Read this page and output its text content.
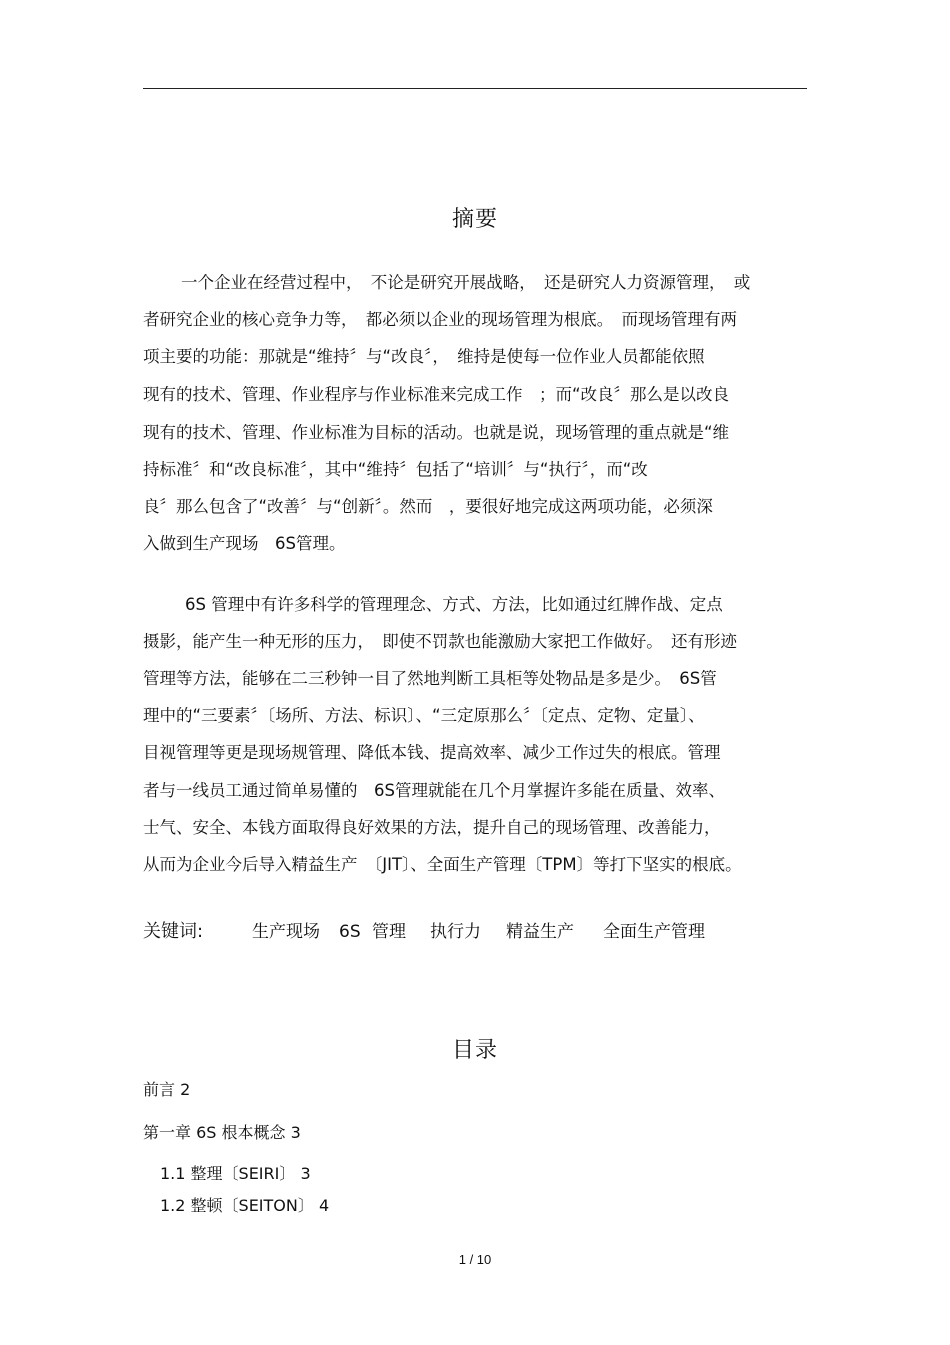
摘要
一个企业在经营过程中，　不论是研究开展战略，　还是研究人力资源管理，　或
者研究企业的核心竞争力等，　都必须以企业的现场管理为根底。　而现场管理有两
项主要的功能：那就是“维持〞与“改良〞，　维持是使每一位作业人员都能依照
现有的技术、管理、作业程序与作业标准来完成工作　；而“改良〞那么是以改良
现有的技术、管理、作业标准为目标的活动。也就是说，现场管理的重点就是“维
持标准〞和“改良标准〞，其中“维持〞包括了“培训〞与“执行〞，而“改
良〞那么包含了“改善〞与“创新〞。然而　，要很好地完成这两项功能，必须深
入做到生产现场　6S管理。
6S 管理中有许多科学的管理理念、方式、方法，比如通过红牌作战、定点
摄影，能产生一种无形的压力，　即使不罚款也能激励大家把工作做好。　还有形迹
管理等方法，能够在二三秒钟一目了然地判断工具柜等处物品是多是少。　6S管
理中的“三要素〞〔场所、方法、标识〕、“三定原那么〞〔定点、定物、定量〕、
目视管理等更是现场规管理、降低本钱、提高效率、减少工作过失的根底。管理
者与一线员工通过简单易懂的　6S管理就能在几个月掌握许多能在质量、效率、
士气、安全、本钱方面取得良好效果的方法，提升自己的现场管理、改善能力，
从而为企业今后导入精益生产　〔JIT〕、全面生产管理〔TPM〕等打下坚实的根底。
关键词:	生产现场 6S 管理 执行力 精益生产 全面生产管理
目录
前言 2
第一章 6S 根本概念 3
1.1 整理〔SEIRI〕 3
1.2 整顿〔SEITON〕 4
1 / 10
